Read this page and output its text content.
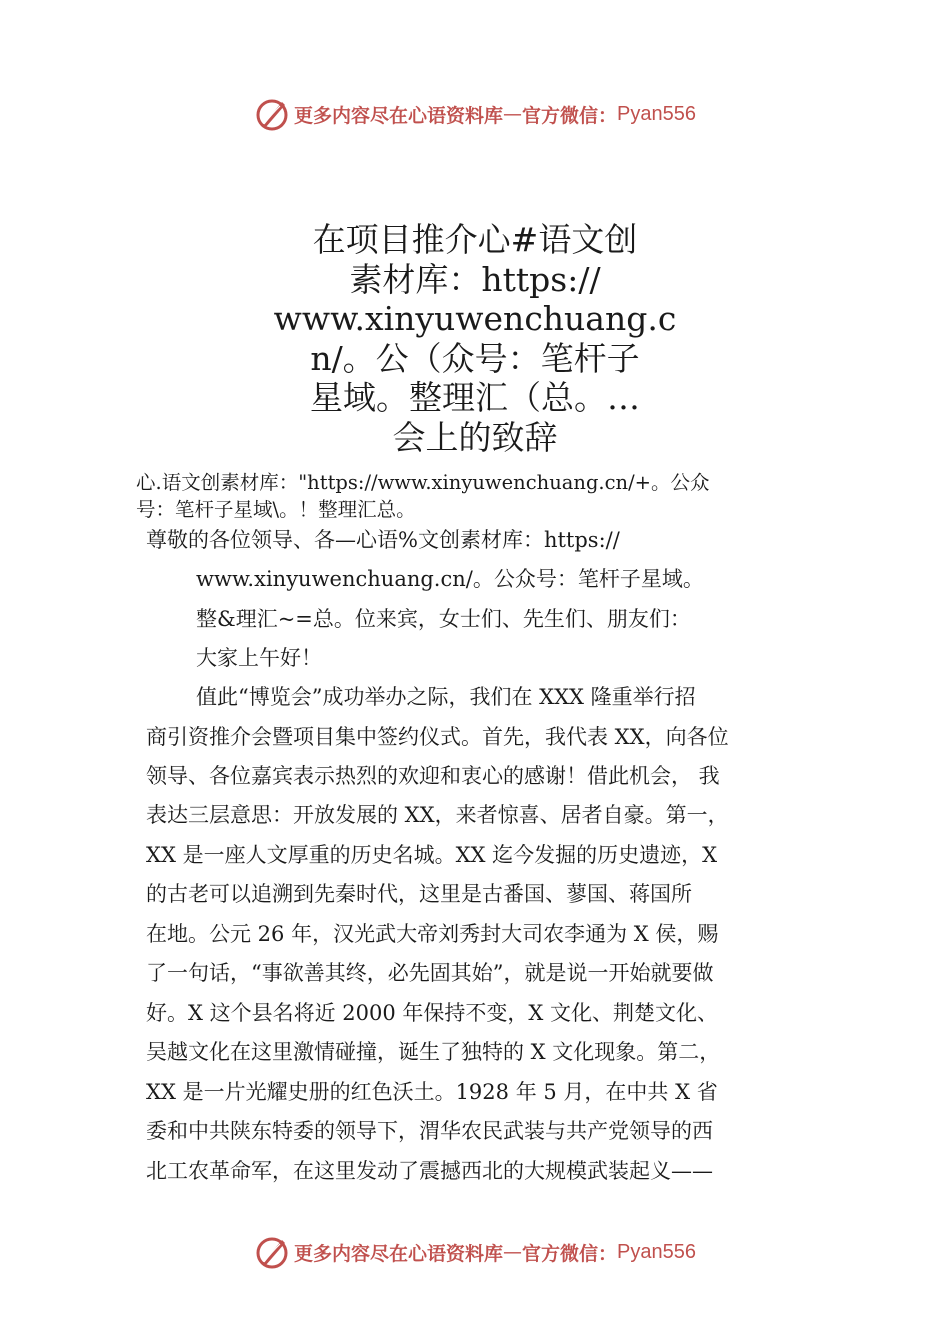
更多内容尽在心语资料库 — 官方微信： Pyan556
在项目推介心#语文创
素材库：https://
www.xinyuwenchuang.c
n/。公（众号：笔杆子
星域。整理汇（总。…
会上的致辞
心.语文创素材库："https://www.xinyuwenchuang.cn/+。公众
号：笔杆子星域\。！整理汇总。
尊敬的各位领导、各—心语%文创素材库：https://
www.xinyuwenchuang.cn/。公众号：笔杆子星域。
整&理汇~=总。位来宾，女士们、先生们、朋友们：
大家上午好！
值此“博览会”成功举办之际，我们在 XXX 隆重举行招
商引资推介会暨项目集中签约仪式。首先，我代表 XX，向各位
领导、各位嘉宾表示热烈的欢迎和衷心的感谢！借此机会， 我
表达三层意思：开放发展的 XX，来者惊喜、居者自豪。第一，
XX 是一座人文厚重的历史名城。XX 迄今发掘的历史遗迹，X
的古老可以追溯到先秦时代，这里是古番国、蓼国、蒋国所
在地。公元 26 年，汉光武大帝刘秀封大司农李通为 X 侯，赐
了一句话，“事欲善其终，必先固其始”，就是说一开始就要做
好。X 这个县名将近 2000 年保持不变，X 文化、荆楚文化、
吴越文化在这里激情碰撞，诞生了独特的 X 文化现象。第二，
XX 是一片光耀史册的红色沃土。1928 年 5 月，在中共 X 省
委和中共陕东特委的领导下，渭华农民武装与共产党领导的西
北工农革命军，在这里发动了震撼西北的大规模武装起义——
更多内容尽在心语资料库 — 官方微信： Pyan556
